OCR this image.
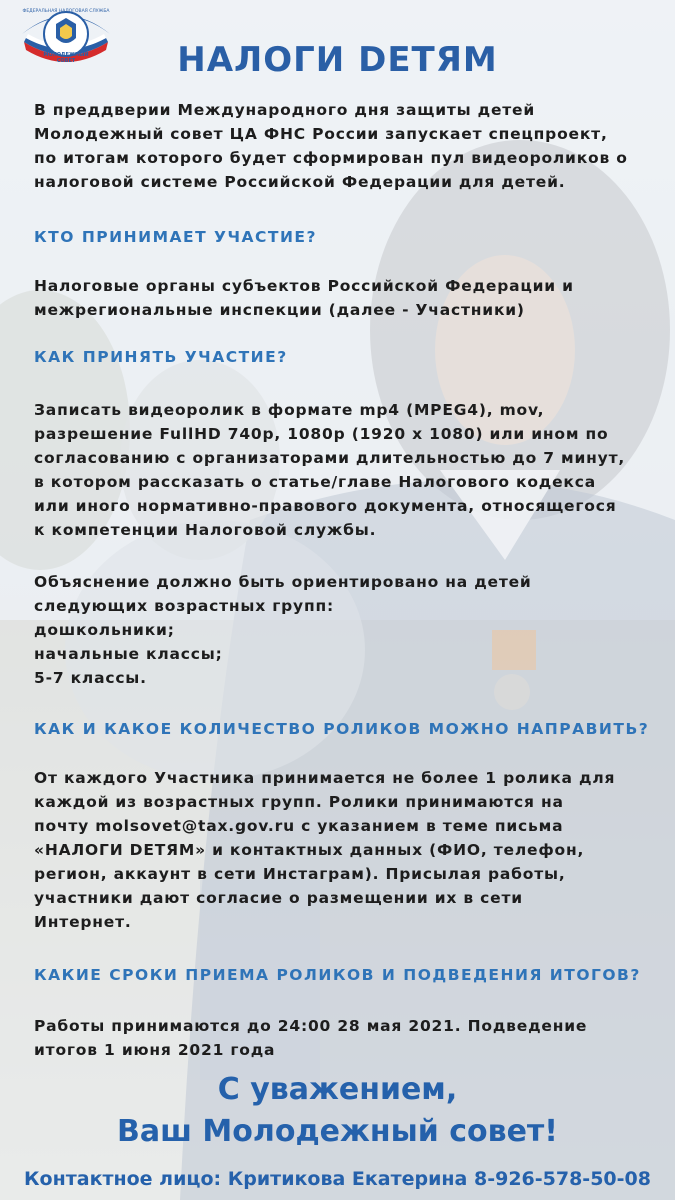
МОЛОДЕЖНЫЙ
СОВЕТ
ФЕДЕРАЛЬНАЯ НАЛОГОВАЯ СЛУЖБА
НАЛОГИ DETЯМ
В преддверии Международного дня защиты детей
Молодежный совет ЦА ФНС России запускает спецпроект,
по итогам которого будет сформирован пул видеороликов о
налоговой системе Российской Федерации для детей.
КТО ПРИНИМАЕТ УЧАСТИЕ?
Налоговые органы субъектов Российской Федерации и
межрегиональные инспекции (далее - Участники)
КАК ПРИНЯТЬ УЧАСТИЕ?
Записать видеоролик в формате mp4 (MPEG4), mov,
разрешение FullHD 740p, 1080p (1920 x 1080) или ином по
согласованию с организаторами длительностью до 7 минут,
в котором рассказать о статье/главе Налогового кодекса
или иного нормативно-правового документа, относящегося
к компетенции Налоговой службы.
Объяснение должно быть ориентировано на детей
следующих возрастных групп:
дошкольники;
начальные классы;
5-7 классы.
КАК И КАКОЕ КОЛИЧЕСТВО РОЛИКОВ МОЖНО НАПРАВИТЬ?
От каждого Участника принимается не более 1 ролика для
каждой из возрастных групп. Ролики принимаются на
почту molsovet@tax.gov.ru с указанием в теме письма
«НАЛОГИ DETЯМ» и контактных данных (ФИО, телефон,
регион, аккаунт в сети Инстаграм). Присылая работы,
участники дают согласие о размещении их в сети
Интернет.
КАКИЕ СРОКИ ПРИЕМА РОЛИКОВ И ПОДВЕДЕНИЯ ИТОГОВ?
Работы принимаются до 24:00 28 мая 2021. Подведение
итогов 1 июня 2021 года
С уважением,
Ваш Молодежный совет!
Контактное лицо: Критикова Екатерина 8-926-578-50-08
